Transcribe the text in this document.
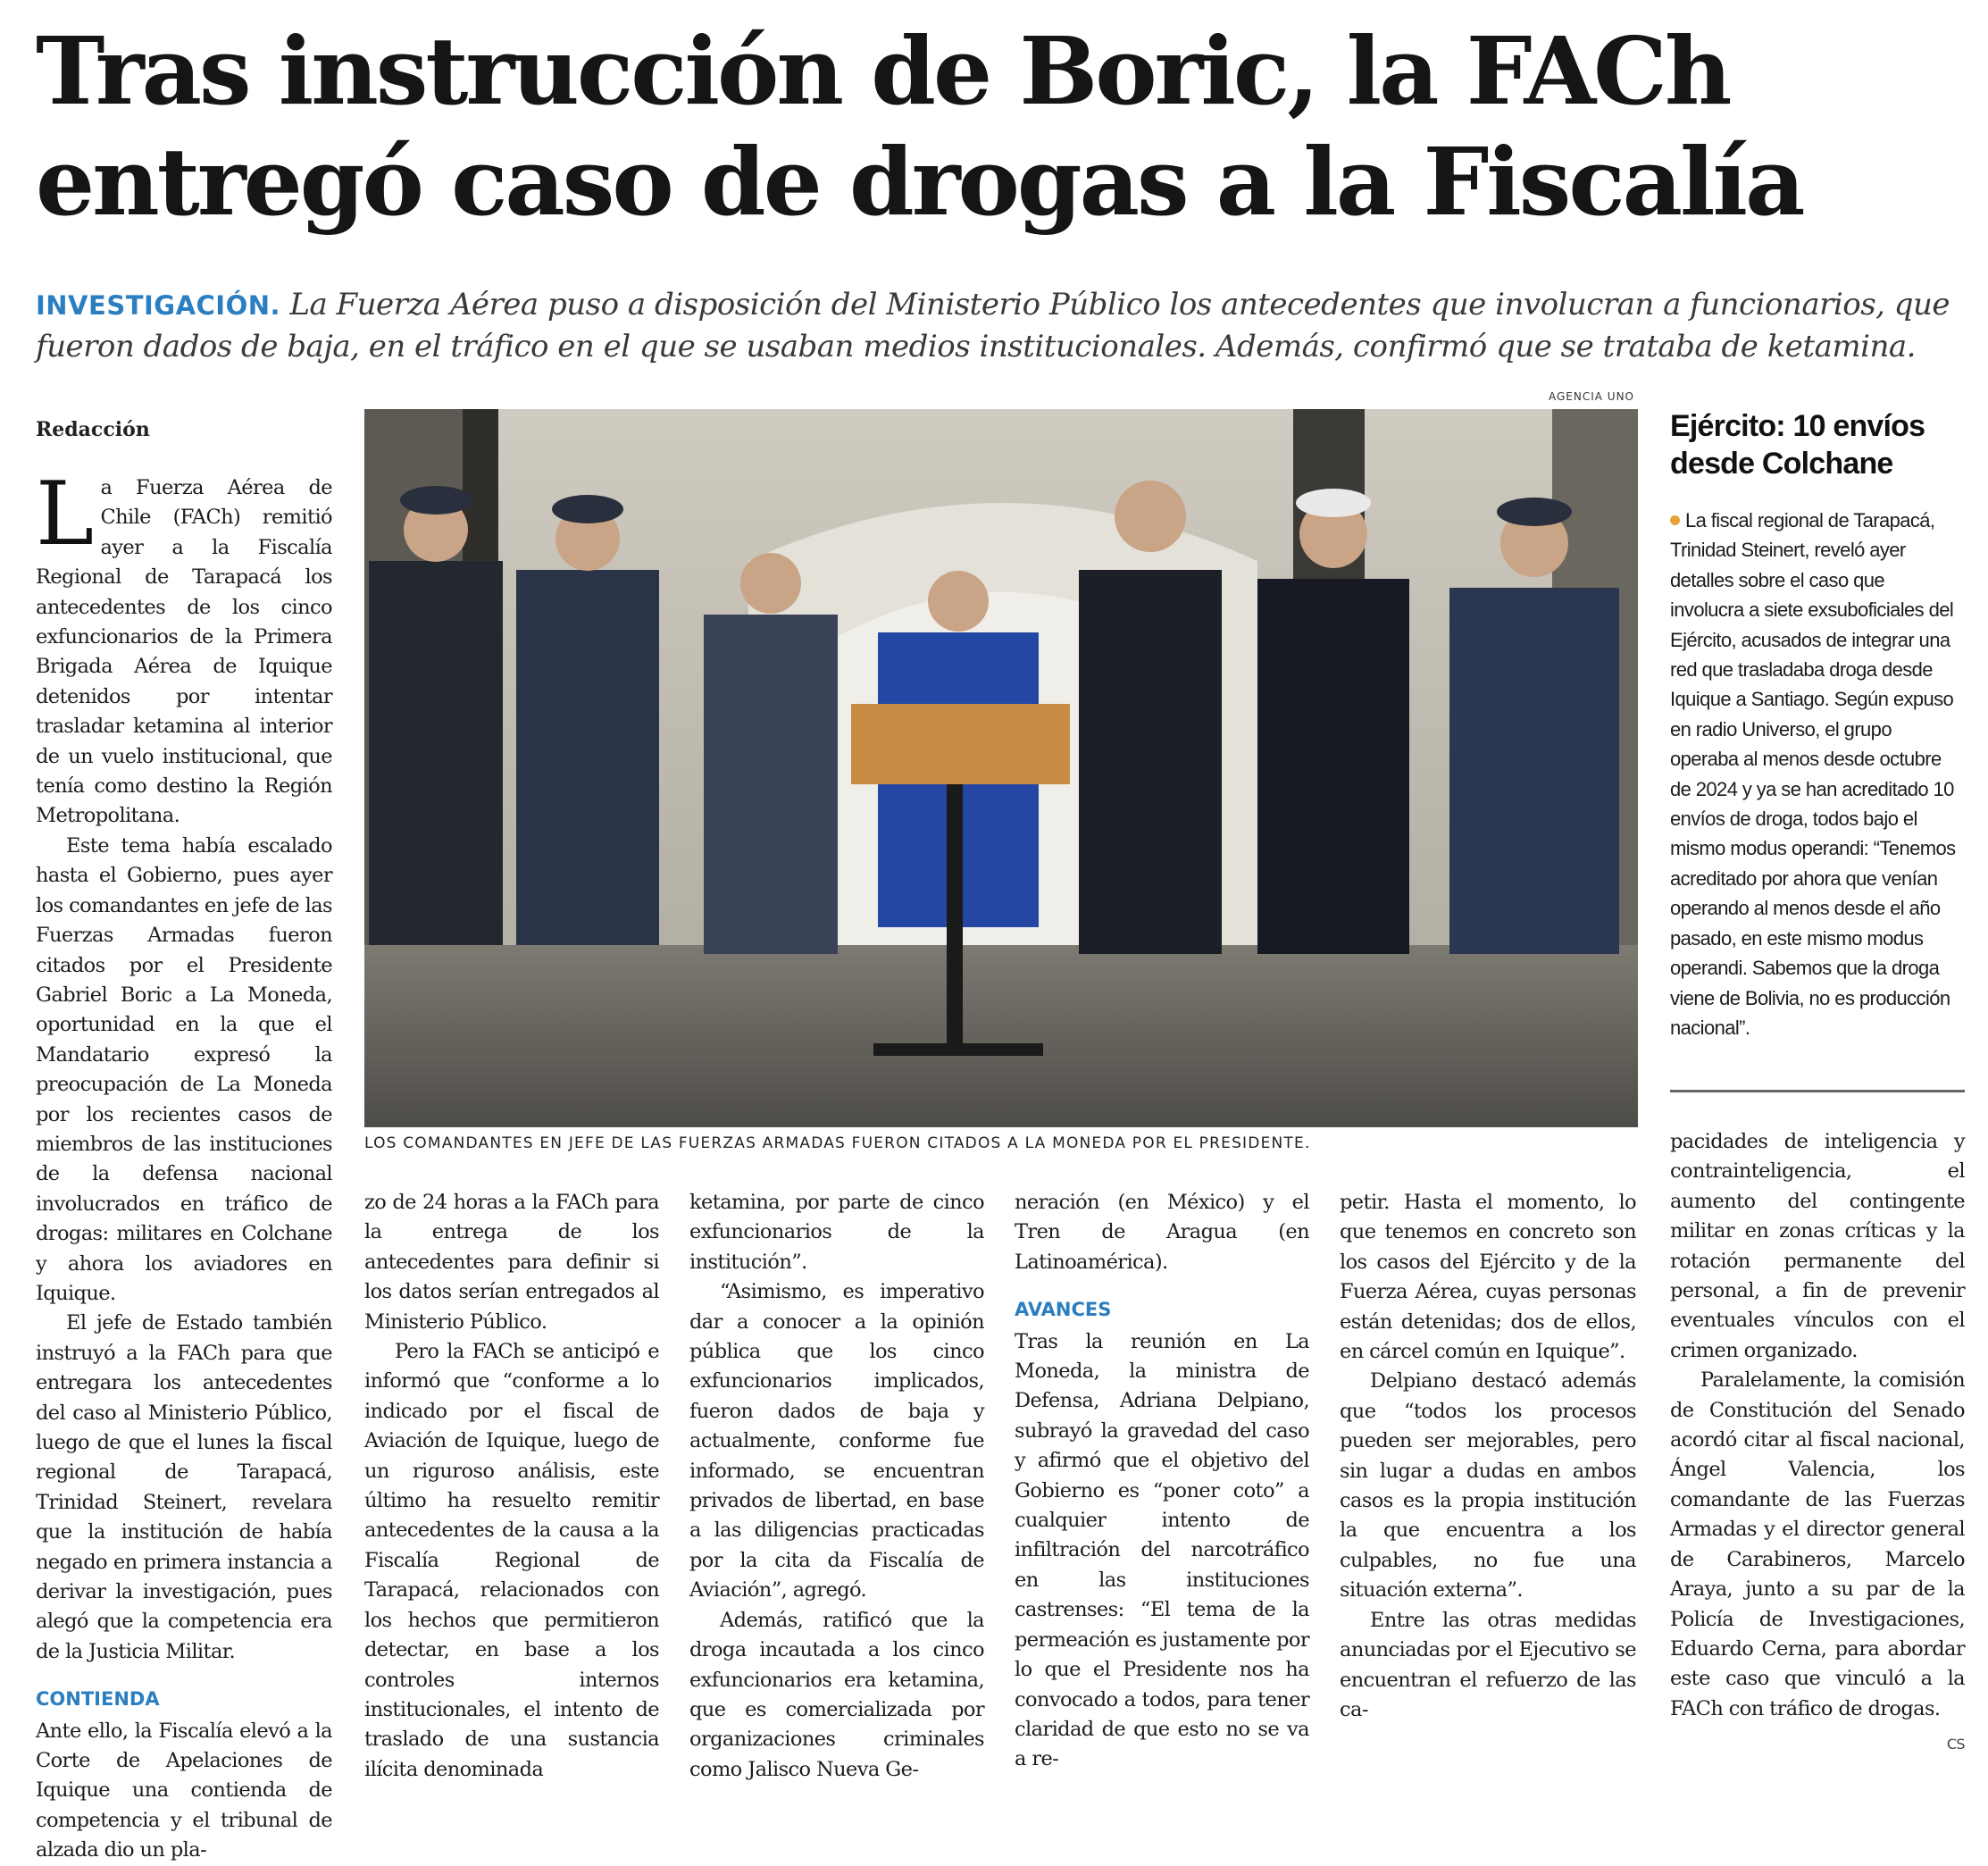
Tras instrucción de Boric, la FACh entregó caso de drogas a la Fiscalía
INVESTIGACIÓN. La Fuerza Aérea puso a disposición del Ministerio Público los antecedentes que involucran a funcionarios, que fueron dados de baja, en el tráfico en el que se usaban medios institucionales. Además, confirmó que se trataba de ketamina.
AGENCIA UNO
LOS COMANDANTES EN JEFE DE LAS FUERZAS ARMADAS FUERON CITADOS A LA MONEDA POR EL PRESIDENTE.
Redacción

La Fuerza Aérea de Chile (FACh) remitió ayer a la Fiscalía Regional de Tarapacá los antecedentes de los cinco exfuncionarios de la Primera Brigada Aérea de Iquique detenidos por intentar trasladar ketamina al interior de un vuelo institucional, que tenía como destino la Región Metropolitana.

Este tema había escalado hasta el Gobierno, pues ayer los comandantes en jefe de las Fuerzas Armadas fueron citados por el Presidente Gabriel Boric a La Moneda, oportunidad en la que el Mandatario expresó la preocupación de La Moneda por los recientes casos de miembros de las instituciones de la defensa nacional involucrados en tráfico de drogas: militares en Colchane y ahora los aviadores en Iquique.

El jefe de Estado también instruyó a la FACh para que entregara los antecedentes del caso al Ministerio Público, luego de que el lunes la fiscal regional de Tarapacá, Trinidad Steinert, revelara que la institución de había negado en primera instancia a derivar la investigación, pues alegó que la competencia era de la Justicia Militar.

CONTIENDA

Ante ello, la Fiscalía elevó a la Corte de Apelaciones de Iquique una contienda de competencia y el tribunal de alzada dio un pla-

zo de 24 horas a la FACh para la entrega de los antecedentes para definir si los datos serían entregados al Ministerio Público.

Pero la FACh se anticipó e informó que “conforme a lo indicado por el fiscal de Aviación de Iquique, luego de un riguroso análisis, este último ha resuelto remitir antecedentes de la causa a la Fiscalía Regional de Tarapacá, relacionados con los hechos que permitieron detectar, en base a los controles internos institucionales, el intento de traslado de una sustancia ilícita denominada

ketamina, por parte de cinco exfuncionarios de la institución”.

“Asimismo, es imperativo dar a conocer a la opinión pública que los cinco exfuncionarios implicados, fueron dados de baja y actualmente, conforme fue informado, se encuentran privados de libertad, en base a las diligencias practicadas por la cita da Fiscalía de Aviación”, agregó.

Además, ratificó que la droga incautada a los cinco exfuncionarios era ketamina, que es comercializada por organizaciones criminales como Jalisco Nueva Ge-

neración (en México) y el Tren de Aragua (en Latinoamérica).

AVANCES

Tras la reunión en La Moneda, la ministra de Defensa, Adriana Delpiano, subrayó la gravedad del caso y afirmó que el objetivo del Gobierno es “poner coto” a cualquier intento de infiltración del narcotráfico en las instituciones castrenses: “El tema de la permeación es justamente por lo que el Presidente nos ha convocado a todos, para tener claridad de que esto no se va a re-

petir. Hasta el momento, lo que tenemos en concreto son los casos del Ejército y de la Fuerza Aérea, cuyas personas están detenidas; dos de ellos, en cárcel común en Iquique”.

Delpiano destacó además que “todos los procesos pueden ser mejorables, pero sin lugar a dudas en ambos casos es la propia institución la que encuentra a los culpables, no fue una situación externa”.

Entre las otras medidas anunciadas por el Ejecutivo se encuentran el refuerzo de las ca-

Ejército: 10 envíos desde Colchane
La fiscal regional de Tarapacá, Trinidad Steinert, reveló ayer detalles sobre el caso que involucra a siete exsuboficiales del Ejército, acusados de integrar una red que trasladaba droga desde Iquique a Santiago. Según expuso en radio Universo, el grupo operaba al menos desde octubre de 2024 y ya se han acreditado 10 envíos de droga, todos bajo el mismo modus operandi: “Tenemos acreditado por ahora que venían operando al menos desde el año pasado, en este mismo modus operandi. Sabemos que la droga viene de Bolivia, no es producción nacional”.

pacidades de inteligencia y contrainteligencia, el aumento del contingente militar en zonas críticas y la rotación permanente del personal, a fin de prevenir eventuales vínculos con el crimen organizado.

Paralelamente, la comisión de Constitución del Senado acordó citar al fiscal nacional, Ángel Valencia, los comandante de las Fuerzas Armadas y el director general de Carabineros, Marcelo Araya, junto a su par de la Policía de Investigaciones, Eduardo Cerna, para abordar este caso que vinculó a la FACh con tráfico de drogas.

CS
